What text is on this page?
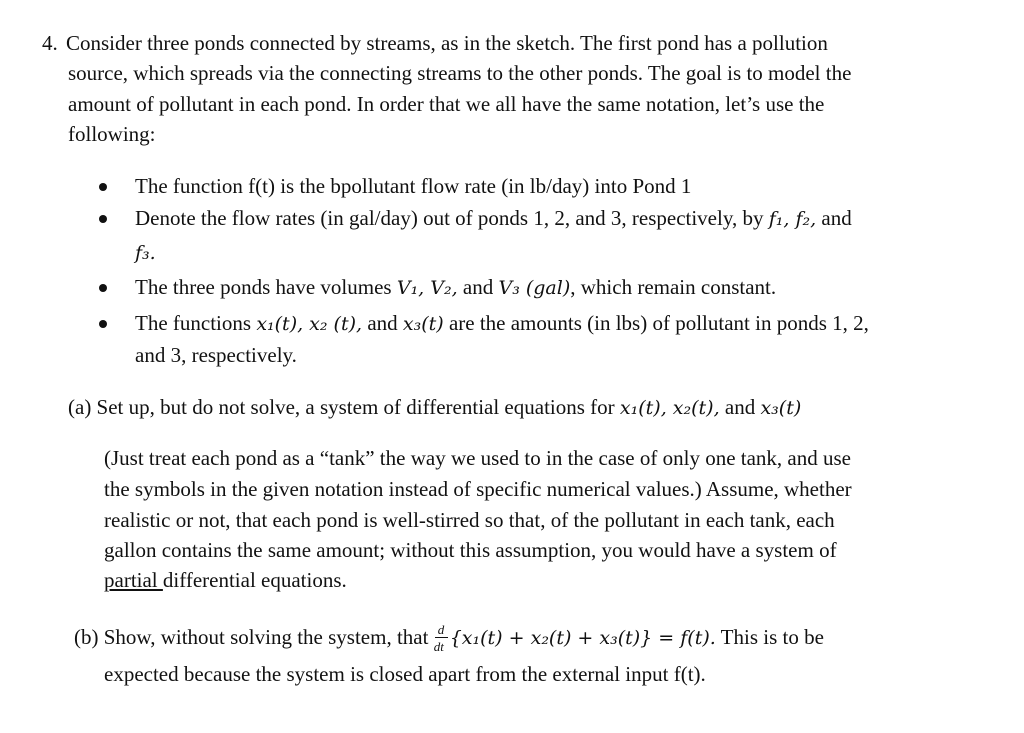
4. Consider three ponds connected by streams, as in the sketch. The first pond has a pollution
source, which spreads via the connecting streams to the other ponds. The goal is to model the
amount of pollutant in each pond. In order that we all have the same notation, let’s use the
following:
The function f(t) is the bpollutant flow rate (in lb/day) into Pond 1
Denote the flow rates (in gal/day) out of ponds 1, 2, and 3, respectively, by f₁, f₂, and
f₃.
The three ponds have volumes V₁, V₂, and V₃ (gal), which remain constant.
The functions x₁(t), x₂ (t), and x₃(t) are the amounts (in lbs) of pollutant in ponds 1, 2,
and 3, respectively.
(a) Set up, but do not solve, a system of differential equations for x₁(t), x₂(t), and x₃(t)
(Just treat each pond as a “tank” the way we used to in the case of only one tank, and use
the symbols in the given notation instead of specific numerical values.) Assume, whether
realistic or not, that each pond is well-stirred so that, of the pollutant in each tank, each
gallon contains the same amount; without this assumption, you would have a system of
partial differential equations.
(b) Show, without solving the system, that d
dt {x₁(t) + x₂(t) + x₃(t)} = f(t). This is to be
expected because the system is closed apart from the external input f(t).
